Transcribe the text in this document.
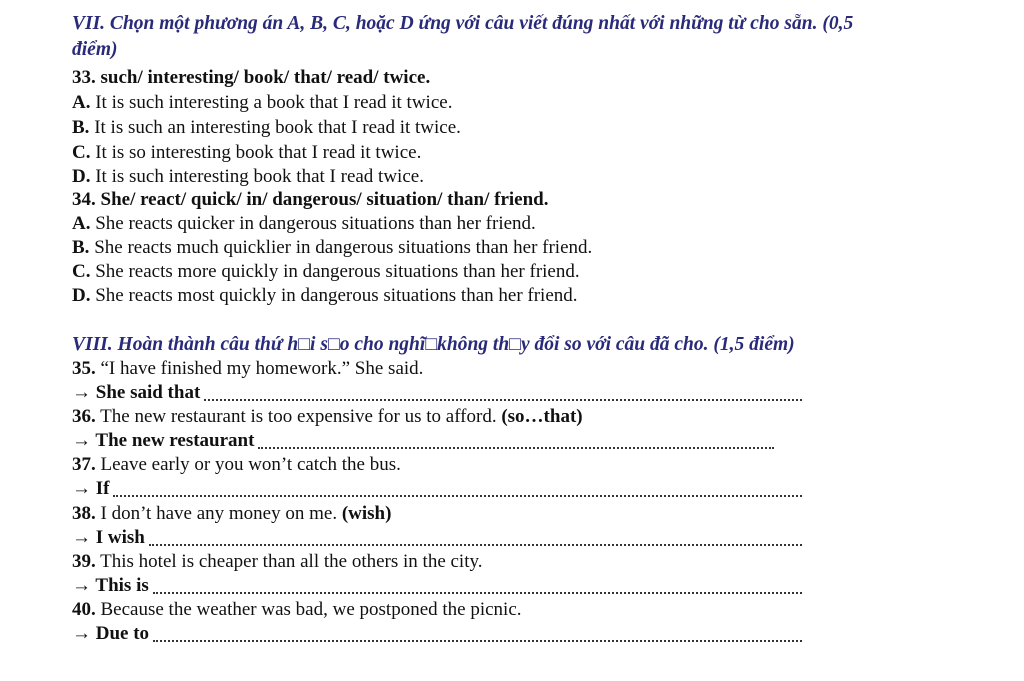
VII. Chọn một phương án A, B, C, hoặc D ứng với câu viết đúng nhất với những từ cho sẵn. (0,5
điểm)
33. such/ interesting/ book/ that/ read/ twice.
A. It is such interesting a book that I read it twice.
B. It is such an interesting book that I read it twice.
C. It is so interesting book that I read it twice.
D. It is such interesting book that I read twice.
34. She/ react/ quick/ in/ dangerous/ situation/ than/ friend.
A. She reacts quicker in dangerous situations than her friend.
B. She reacts much quicklier in dangerous situations than her friend.
C. She reacts more quickly in dangerous situations than her friend.
D. She reacts most quickly in dangerous situations than her friend.
VIII. Hoàn thành câu thứ h□i s□o cho nghĩ□không th□y đổi so với câu đã cho. (1,5 điểm)
35. “I have finished my homework.” She said.
→ She said that
36. The new restaurant is too expensive for us to afford. (so…that)
→ The new restaurant
37. Leave early or you won’t catch the bus.
→ If
38. I don’t have any money on me. (wish)
→ I wish
39. This hotel is cheaper than all the others in the city.
→ This is
40. Because the weather was bad, we postponed the picnic.
→ Due to
